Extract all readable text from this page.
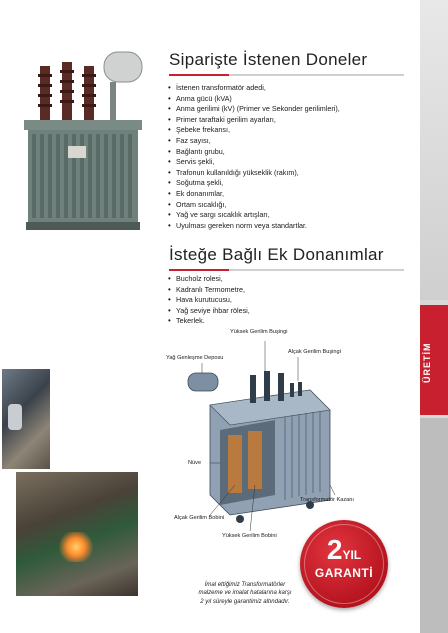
ÜRETİM
Siparişte İstenen Doneler
• İstenen transformatör adedi,
• Anma gücü (kVA)
• Anma gerilimi (kV) (Primer ve Sekonder gerilimleri),
• Primer taraftaki gerilim ayarları,
• Şebeke frekansı,
• Faz sayısı,
• Bağlantı grubu,
• Servis şekli,
• Trafonun kullanıldığı yükseklik (rakım),
• Soğutma şekli,
• Ek donanımlar,
• Ortam sıcaklığı,
• Yağ ve sargı sıcaklık artışları,
• Uyulması gereken norm veya standartlar.
İsteğe Bağlı Ek Donanımlar
• Bucholz rolesi,
• Kadranlı Termometre,
• Hava kurutucusu,
• Yağ seviye ihbar rölesi,
• Tekerlek.
Yüksek Gerilim Buşingi
Alçak Gerilim Buşingi
Yağ Genleşme Deposu
Nüve
Transformatör Kazanı
Alçak Gerilim Bobini
Yüksek Gerilim Bobini	2YIL
GARANTİ
İmal ettiğimiz Transformatörler
malzeme ve imalat hatalarına karşı
2 yıl süreyle garantimiz altındadır.
